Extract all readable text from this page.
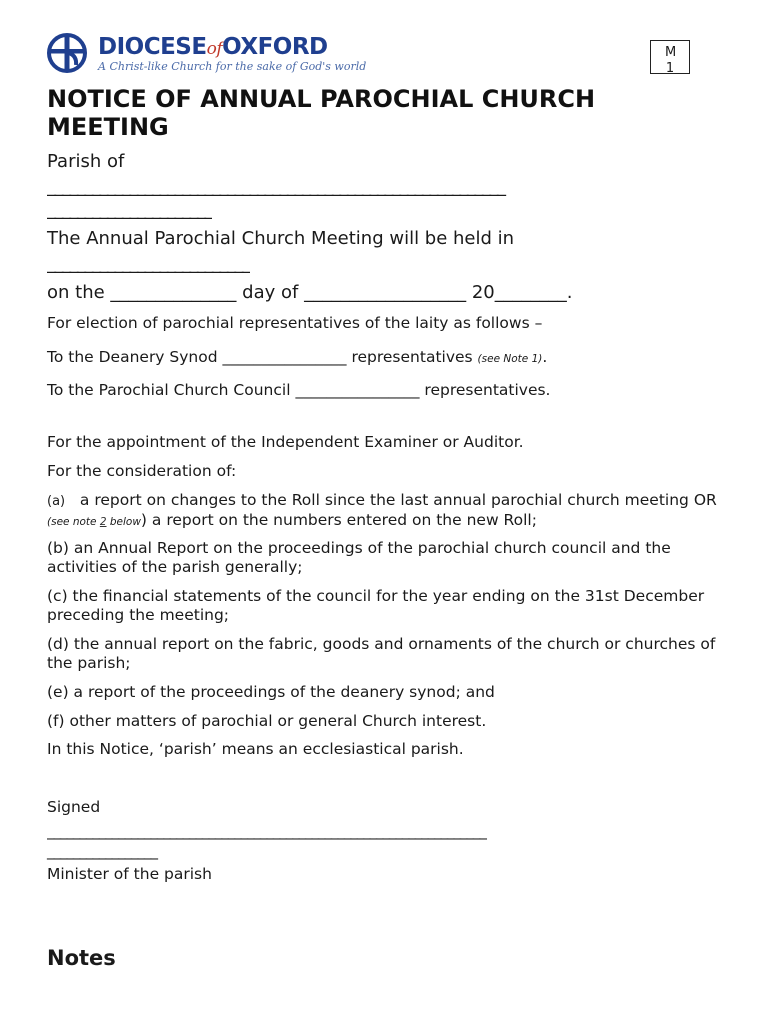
DIOCESEofOXFORD
A Christ-like Church for the sake of God's world
M 1
NOTICE OF ANNUAL PAROCHIAL CHURCH MEETING
Parish of
_____________________________________________________________
______________________
The Annual Parochial Church Meeting will be held in
___________________________
on the ______________ day of __________________ 20________.
For election of parochial representatives of the laity as follows –
To the Deanery Synod ________________ representatives (see Note 1).
To the Parochial Church Council ________________ representatives.
For the appointment of the Independent Examiner or Auditor.
For the consideration of:
(a) a report on changes to the Roll since the last annual parochial church meeting OR (see note 2 below) a report on the numbers entered on the new Roll;
(b) an Annual Report on the proceedings of the parochial church council and the activities of the parish generally;
(c) the financial statements of the council for the year ending on the 31st December preceding the meeting;
(d) the annual report on the fabric, goods and ornaments of the church or churches of the parish;
(e) a report of the proceedings of the deanery synod; and
(f) other matters of parochial or general Church interest.
In this Notice, ‘parish’ means an ecclesiastical parish.
Signed
____________________________________________________________________
_________________
Minister of the parish
Notes
